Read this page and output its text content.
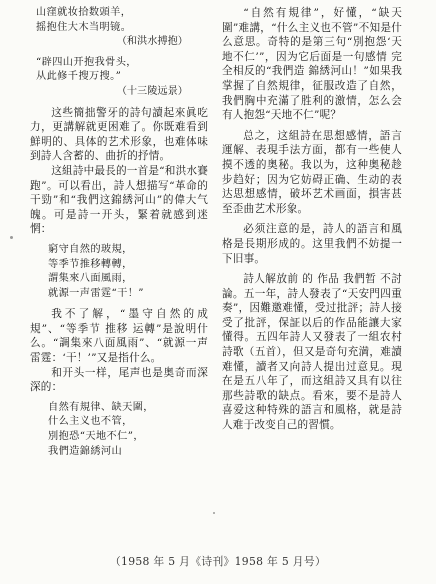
山窪就妆拾数頭羊，

摇抱住大木当明镜。

（和洪水搏抱）

“辟四山开抱我骨头，

从此修千搜万搜。”

（十三陵远景）

这些簡拙警牙的詩句讀起來眞吃力，更講解就更困难了。你既难看到鮮明的、具体的艺术形象，也难体味到詩人含蓄的、曲折的抒情。

这組詩中最長的一首是“和洪水賽跑”。可以看出，詩人想描写“革命的干勁”和“我們这錦綉河山”的偉大气魄。可是詩一开头，緊着就感到迷惘：

窮守自然的玻規，

等季节推移轉轉，

謂集來八面風雨，

就源一声雷霆“干！”

我不了解，“墨守自然的成規”、“等季节 推移 运轉”是說明什么。“調集來八面風雨”、“就源一声雷霆：‘干！’”又是指什么。

和开头一样，尾声也是奥奇而深深的：

自然有規律、缺天圍，

什么主义也不管，

別抱恐“天地不仁”，

我們造錦綉河山

“自然有規律”，好懂，“缺天圍”难講，“什么主义也不管”不知是什么意思。奇特的是第三句“別抱怨‘天地不仁’”，因为它后面是一句感情 完全相反的“我們造 錦綉河山！”如果我掌握了自然規律，征服改造了自然，我們胸中充滿了胜利的激情，怎么会有人抱怨“天地不仁”呢？

总之，这組詩在思想感情，語言運解、表現手法方面，都有一些使人摸不透的奥秘。我以为，这种奥秘趁步趋好；因为它妨碍正确、生动的表达思想感情，破坏艺术画面，損害甚至歪曲艺术形象。

必须注意的是，詩人的語言和風格是長期形成的。这里我們不妨提一下旧事。

詩人解放前 的 作品 我們暂 不討論。五一年，詩人發表了“天安門四重奏”，因難邀难懂，受过批評；詩人接受了批評，保証以后的作品能讓大家懂得。五四年詩人又發表了一組农村詩歌（五首），但又是奇句充満，难讀难懂，讀者又向詩人提出过意見。現在是五八年了，而这組詩又具有以往那些詩歌的缺点。看來，要不是詩人喜爱这种特殊的語言和風格，就是詩人难于改变自己的習慣。

（1958 年 5 月《诗刊》1958 年 5 月号）
